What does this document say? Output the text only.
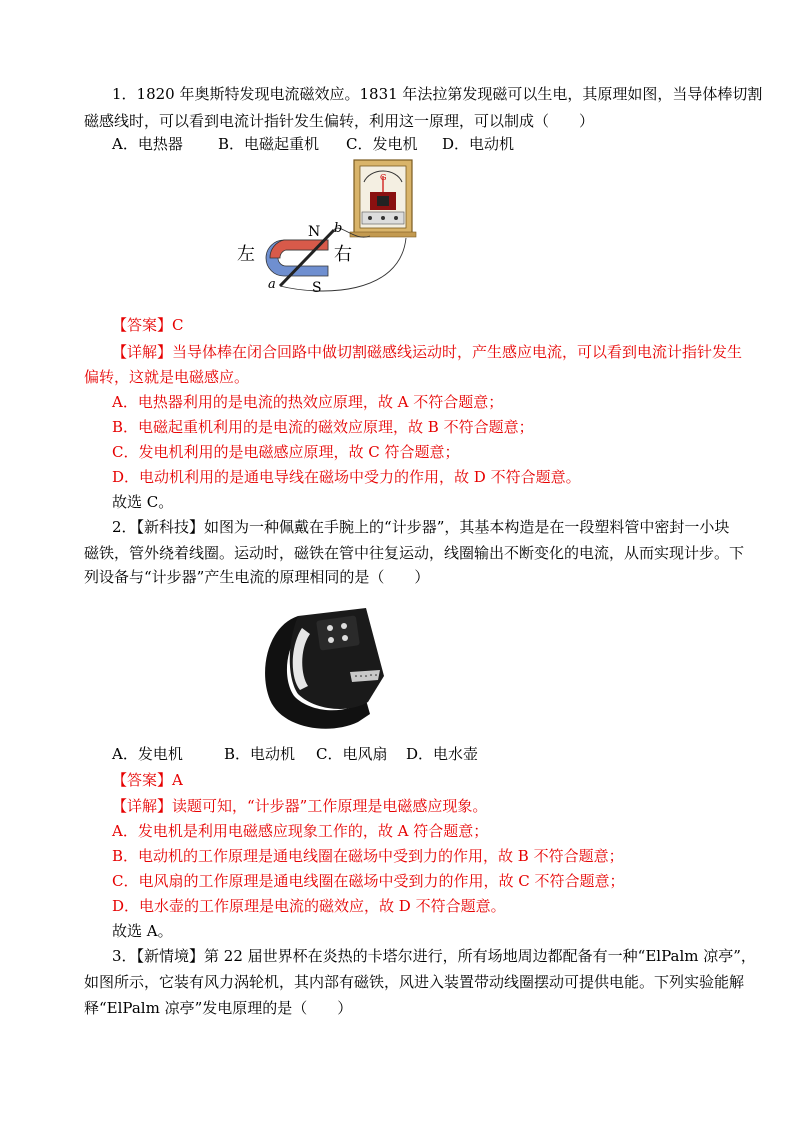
1．1820 年奥斯特发现电流磁效应。1831 年法拉第发现磁可以生电，其原理如图，当导体棒切割
磁感线时，可以看到电流计指针发生偏转，利用这一原理，可以制成（　　）
A．电热器 B．电磁起重机 C．发电机 D．电动机
G
左	右
N
S
a
b
【答案】C
【详解】当导体棒在闭合回路中做切割磁感线运动时，产生感应电流，可以看到电流计指针发生
偏转，这就是电磁感应。
A．电热器利用的是电流的热效应原理，故 A 不符合题意；
B．电磁起重机利用的是电流的磁效应原理，故 B 不符合题意；
C．发电机利用的是电磁感应原理，故 C 符合题意；
D．电动机利用的是通电导线在磁场中受力的作用，故 D 不符合题意。
故选 C。
2．【新科技】如图为一种佩戴在手腕上的“计步器”，其基本构造是在一段塑料管中密封一小块
磁铁，管外绕着线圈。运动时，磁铁在管中往复运动，线圈输出不断变化的电流，从而实现计步。下
列设备与“计步器”产生电流的原理相同的是（　　）
A．发电机	B．电动机 C．电风扇 D．电水壶
【答案】A
【详解】读题可知，“计步器”工作原理是电磁感应现象。
A．发电机是利用电磁感应现象工作的，故 A 符合题意；
B．电动机的工作原理是通电线圈在磁场中受到力的作用，故 B 不符合题意；
C．电风扇的工作原理是通电线圈在磁场中受到力的作用，故 C 不符合题意；
D．电水壶的工作原理是电流的磁效应，故 D 不符合题意。
故选 A。
3．【新情境】第 22 届世界杯在炎热的卡塔尔进行，所有场地周边都配备有一种“ElPalm 凉亭”，
如图所示，它装有风力涡轮机，其内部有磁铁，风进入装置带动线圈摆动可提供电能。下列实验能解
释“ElPalm 凉亭”发电原理的是（　　）
